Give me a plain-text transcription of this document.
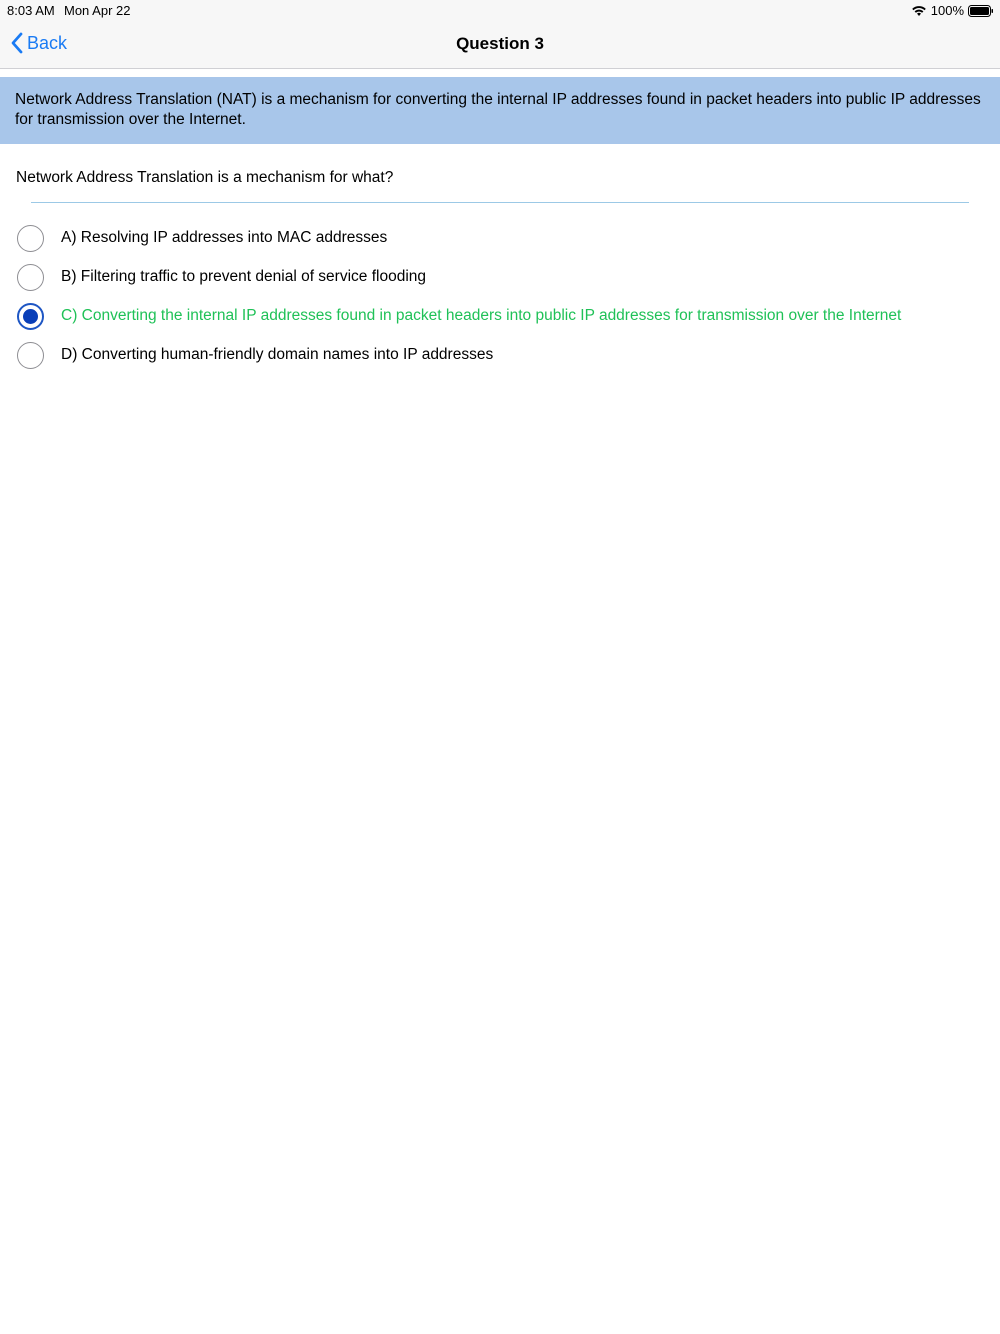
8:03 AM Mon Apr 22	100%
Back	Question 3
Network Address Translation (NAT) is a mechanism for converting the internal IP addresses found in packet headers into public IP addresses for transmission over the Internet.
Network Address Translation is a mechanism for what?
A) Resolving IP addresses into MAC addresses
B) Filtering traffic to prevent denial of service flooding
C) Converting the internal IP addresses found in packet headers into public IP addresses for transmission over the Internet
D) Converting human-friendly domain names into IP addresses
